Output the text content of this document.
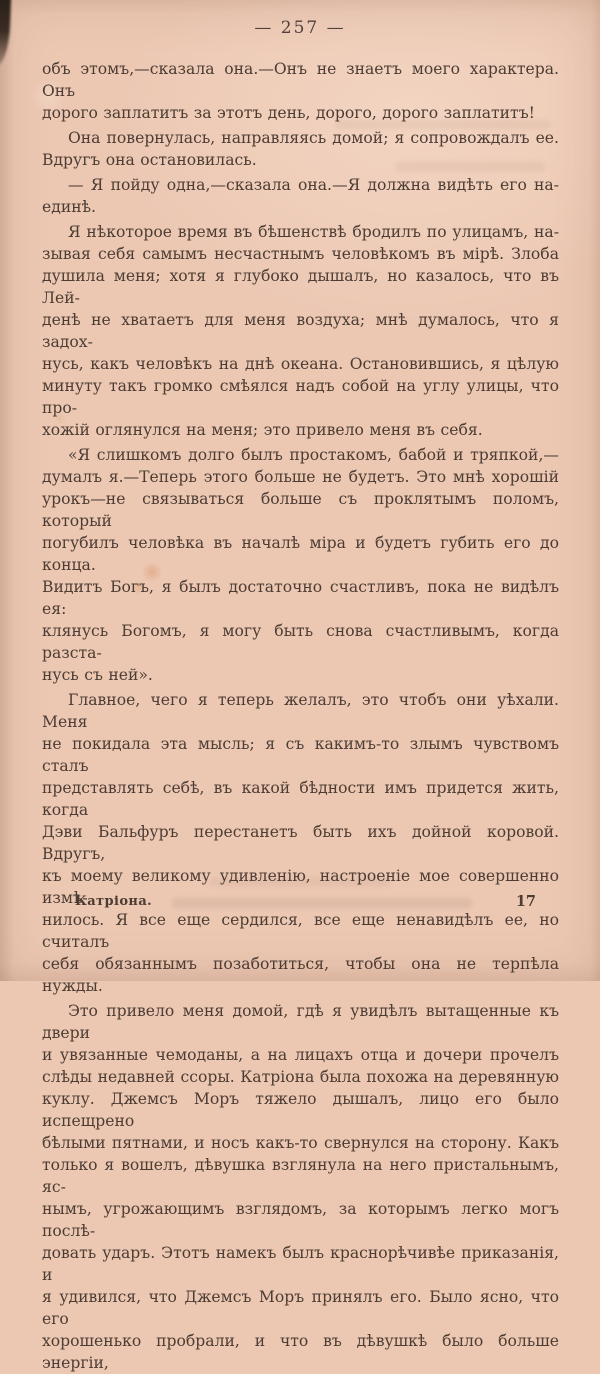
— 257 —
объ этомъ,—сказала она.—Онъ не знаетъ моего характера. Онъ
дорого заплатитъ за этотъ день, дорого, дорого заплатитъ!
Она повернулась, направляясь домой; я сопровождалъ ее.
Вдругъ она остановилась.
— Я пойду одна,—сказала она.—Я должна видѣть его на-
единѣ.
Я нѣкоторое время въ бѣшенствѣ бродилъ по улицамъ, на-
зывая себя самымъ несчастнымъ человѣкомъ въ мірѣ. Злоба
душила меня; хотя я глубоко дышалъ, но казалось, что въ Лей-
денѣ не хватаетъ для меня воздуха; мнѣ думалось, что я задох-
нусь, какъ человѣкъ на днѣ океана. Остановившись, я цѣлую
минуту такъ громко смѣялся надъ собой на углу улицы, что про-
хожій оглянулся на меня; это привело меня въ себя.
«Я слишкомъ долго былъ простакомъ, бабой и тряпкой,—
думалъ я.—Теперь этого больше не будетъ. Это мнѣ хорошій
урокъ—не связываться больше съ проклятымъ поломъ, который
погубилъ человѣка въ началѣ міра и будетъ губить его до конца.
Видитъ Богъ, я былъ достаточно счастливъ, пока не видѣлъ ея:
клянусь Богомъ, я могу быть снова счастливымъ, когда разста-
нусь съ ней».
Главное, чего я теперь желалъ, это чтобъ они уѣхали. Меня
не покидала эта мысль; я съ какимъ-то злымъ чувствомъ сталъ
представлять себѣ, въ какой бѣдности имъ придется жить, когда
Дэви Бальфуръ перестанетъ быть ихъ дойной коровой. Вдругъ,
къ моему великому удивленію, настроеніе мое совершенно измѣ-
нилось. Я все еще сердился, все еще ненавидѣлъ ее, но считалъ
себя обязаннымъ позаботиться, чтобы она не терпѣла нужды.
Это привело меня домой, гдѣ я увидѣлъ вытащенные къ двери
и увязанные чемоданы, а на лицахъ отца и дочери прочелъ
слѣды недавней ссоры. Катріона была похожа на деревянную
куклу. Джемсъ Моръ тяжело дышалъ, лицо его было испещрено
бѣлыми пятнами, и носъ какъ-то свернулся на сторону. Какъ
только я вошелъ, дѣвушка взглянула на него пристальнымъ, яс-
нымъ, угрожающимъ взглядомъ, за которымъ легко могъ послѣ-
довать ударъ. Этотъ намекъ былъ краснорѣчивѣе приказанія, и
я удивился, что Джемсъ Моръ принялъ его. Было ясно, что его
хорошенько пробрали, и что въ дѣвушкѣ было больше энергіи,
Катріона.	17
